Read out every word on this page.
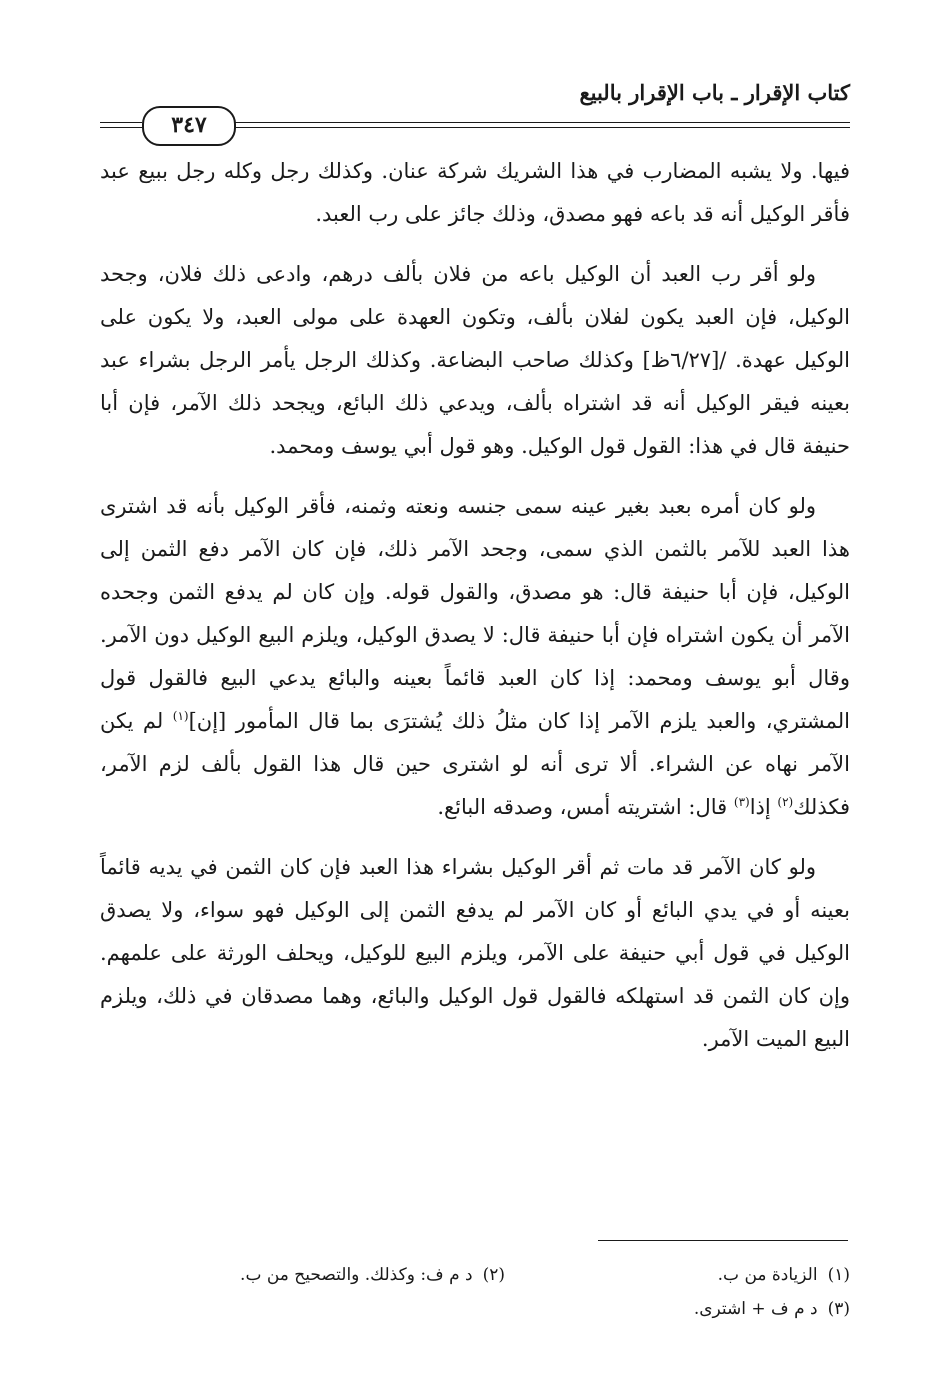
كتاب الإقرار ـ باب الإقرار بالبيع
٣٤٧

فيها. ولا يشبه المضارب في هذا الشريك شركة عنان. وكذلك رجل وكله رجل ببيع عبد فأقر الوكيل أنه قد باعه فهو مصدق، وذلك جائز على رب العبد.

ولو أقر رب العبد أن الوكيل باعه من فلان بألف درهم، وادعى ذلك فلان، وجحد الوكيل، فإن العبد يكون لفلان بألف، وتكون العهدة على مولى العبد، ولا يكون على الوكيل عهدة. /[٦/٢٧ظ] وكذلك صاحب البضاعة. وكذلك الرجل يأمر الرجل بشراء عبد بعينه فيقر الوكيل أنه قد اشتراه بألف، ويدعي ذلك البائع، ويجحد ذلك الآمر، فإن أبا حنيفة قال في هذا: القول قول الوكيل. وهو قول أبي يوسف ومحمد.

ولو كان أمره بعبد بغير عينه سمى جنسه ونعته وثمنه، فأقر الوكيل بأنه قد اشترى هذا العبد للآمر بالثمن الذي سمى، وجحد الآمر ذلك، فإن كان الآمر دفع الثمن إلى الوكيل، فإن أبا حنيفة قال: هو مصدق، والقول قوله. وإن كان لم يدفع الثمن وجحده الآمر أن يكون اشتراه فإن أبا حنيفة قال: لا يصدق الوكيل، ويلزم البيع الوكيل دون الآمر. وقال أبو يوسف ومحمد: إذا كان العبد قائماً بعينه والبائع يدعي البيع فالقول قول المشتري، والعبد يلزم الآمر إذا كان مثلُ ذلك يُشترَى بما قال المأمور [إن]$^{(١)}$ لم يكن الآمر نهاه عن الشراء. ألا ترى أنه لو اشترى حين قال هذا القول بألف لزم الآمر، فكذلك$^{(٢)}$ إذا$^{(٣)}$ قال: اشتريته أمس، وصدقه البائع.

ولو كان الآمر قد مات ثم أقر الوكيل بشراء هذا العبد فإن كان الثمن في يديه قائماً بعينه أو في يدي البائع أو كان الآمر لم يدفع الثمن إلى الوكيل فهو سواء، ولا يصدق الوكيل في قول أبي حنيفة على الآمر، ويلزم البيع للوكيل، ويحلف الورثة على علمهم. وإن كان الثمن قد استهلكه فالقول قول الوكيل والبائع، وهما مصدقان في ذلك، ويلزم البيع الميت الآمر.

(١)الزيادة من ب.
(٢)د م ف: وكذلك. والتصحيح من ب.
(٣)د م ف + اشترى.
